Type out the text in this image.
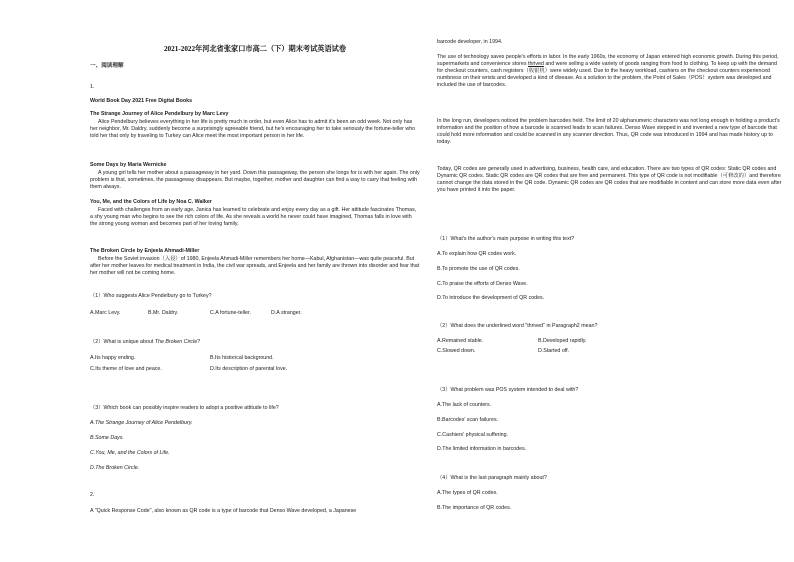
2021-2022年河北省张家口市高二（下）期末考试英语试卷
一、阅读理解
1.
World Book Day 2021 Free Digital Books
The Strange Journey of Alice Pendelbury by Marc Levy
Alice Pendelbury believes everything in her life is pretty much in order, but even Alice has to admit it's been an odd week. Not only has her neighbor, Mr. Daldry, suddenly become a surprisingly agreeable friend, but he's encouraging her to take seriously the fortune-teller who told her that only by traveling to Turkey can Alice meet the most important person in her life.
Some Days by Maria Wernicke
A young girl tells her mother about a passageway in her yard. Down this passageway, the person she longs for is with her again. The only problem is that, sometimes, the passageway disappears. But maybe, together, mother and daughter can find a way to carry that feeling with them always.
You, Me, and the Colors of Life by Noa C. Walker
Faced with challenges from an early age, Janica has learned to celebrate and enjoy every day as a gift. Her attitude fascinates Thomas, a shy young man who begins to see the rich colors of life. As she reveals a world he never could have imagined, Thomas falls in love with the strong young woman and becomes part of her loving family.
The Broken Circle by Enjeela Ahmadi-Miller
Before the Soviet invasion（入侵）of 1980, Enjeela Ahmadi-Miller remembers her home—Kabul, Afghanistan—was quite peaceful. But after her mother leaves for medical treatment in India, the civil war spreads, and Enjeela and her family are thrown into disorder and fear that her mother will not be coming home.
（1）Who suggests Alice Pendelbury go to Turkey?
A.Marc Levy.	B.Mr. Daldry.	C.A fortune-teller.	D.A stranger.
（2）What is unique about The Broken Circle?
A.Its happy ending.	B.Its historical background.
C.Its theme of love and peace.	D.Its description of parental love.
（3）Which book can possibly inspire readers to adopt a positive attitude to life?
A.The Strange Journey of Alice Pendelbury.
B.Some Days.
C.You, Me, and the Colors of Life.
D.The Broken Circle.
2.
A "Quick Response Code", also known as QR code is a type of barcode that Denso Wave developed, a Japanese
barcode developer, in 1994.
The use of technology saves people's efforts in labor. In the early 1960s, the economy of Japan entered high economic growth. During this period, supermarkets and convenience stores thrived and were selling a wide variety of goods ranging from food to clothing. To keep up with the demand for checkout counters, cash registers（收银机）were widely used. Due to the heavy workload, cashiers on the checkout counters experienced numbness on their wrists and developed a kind of disease. As a solution to the problem, the Point of Sales（POS）system was developed and included the use of barcodes.
In the long run, developers noticed the problem barcodes held. The limit of 20 alphanumeric characters was not long enough in holding a product's information and the position of how a barcode is scanned leads to scan failures. Denso Wave stepped in and invented a new type of barcode that could hold more information and could be scanned in any scanner direction. Thus, QR code was introduced in 1994 and has made history up to today.
Today, QR codes are generally used in advertising, business, health care, and education. There are two types of QR codes: Static QR codes and Dynamic QR codes. Static QR codes are QR codes that are free and permanent. This type of QR code is not modifiable（可修改的）and therefore cannot change the data stored in the QR code. Dynamic QR codes are QR codes that are modifiable in content and can store more data even after you have printed it into the paper.
（1）What's the author's main purpose in writing this text?
A.To explain how QR codes work.
B.To promote the use of QR codes.
C.To praise the efforts of Denso Wave.
D.To introduce the development of QR codes.
（2）What does the underlined word "thrived" in Paragraph2 mean?
A.Remained stable.	B.Developed rapidly.
C.Slowed down.	D.Started off.
（3）What problem was POS system intended to deal with?
A.The lack of counters.
B.Barcodes' scan failures.
C.Cashiers' physical suffering.
D.The limited information in barcodes.
（4）What is the last paragraph mainly about?
A.The types of QR codes.
B.The importance of QR codes.
